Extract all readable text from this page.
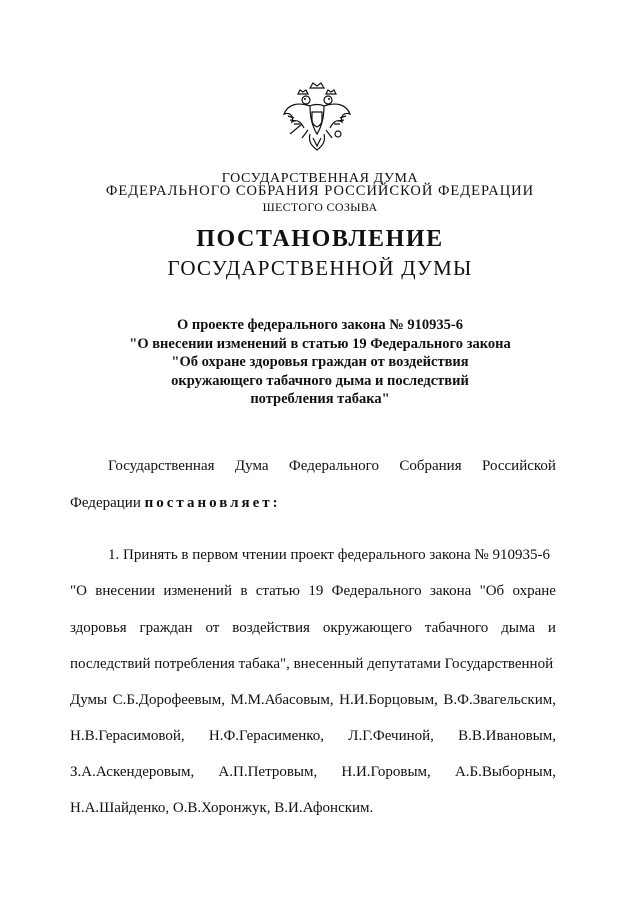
ГОСУДАРСТВЕННАЯ ДУМА
ФЕДЕРАЛЬНОГО СОБРАНИЯ РОССИЙСКОЙ ФЕДЕРАЦИИ
ШЕСТОГО СОЗЫВА
ПОСТАНОВЛЕНИЕ
ГОСУДАРСТВЕННОЙ ДУМЫ
О проекте федерального закона № 910935-6
"О внесении изменений в статью 19 Федерального закона
"Об охране здоровья граждан от воздействия
окружающего табачного дыма и последствий
потребления табака"
Государственная Дума Федерального Собрания Российской
Федерации постановляет:
1. Принять в первом чтении проект федерального закона № 910935-6
"О внесении изменений в статью 19 Федерального закона "Об охране
здоровья граждан от воздействия окружающего табачного дыма и
последствий потребления табака", внесенный депутатами Государственной
Думы С.Б.Дорофеевым, М.М.Абасовым, Н.И.Борцовым, В.Ф.Звагельским,
Н.В.Герасимовой, Н.Ф.Герасименко, Л.Г.Фечиной, В.В.Ивановым,
З.А.Аскендеровым, А.П.Петровым, Н.И.Горовым, А.Б.Выборным,
Н.А.Шайденко, О.В.Хоронжук, В.И.Афонским.
